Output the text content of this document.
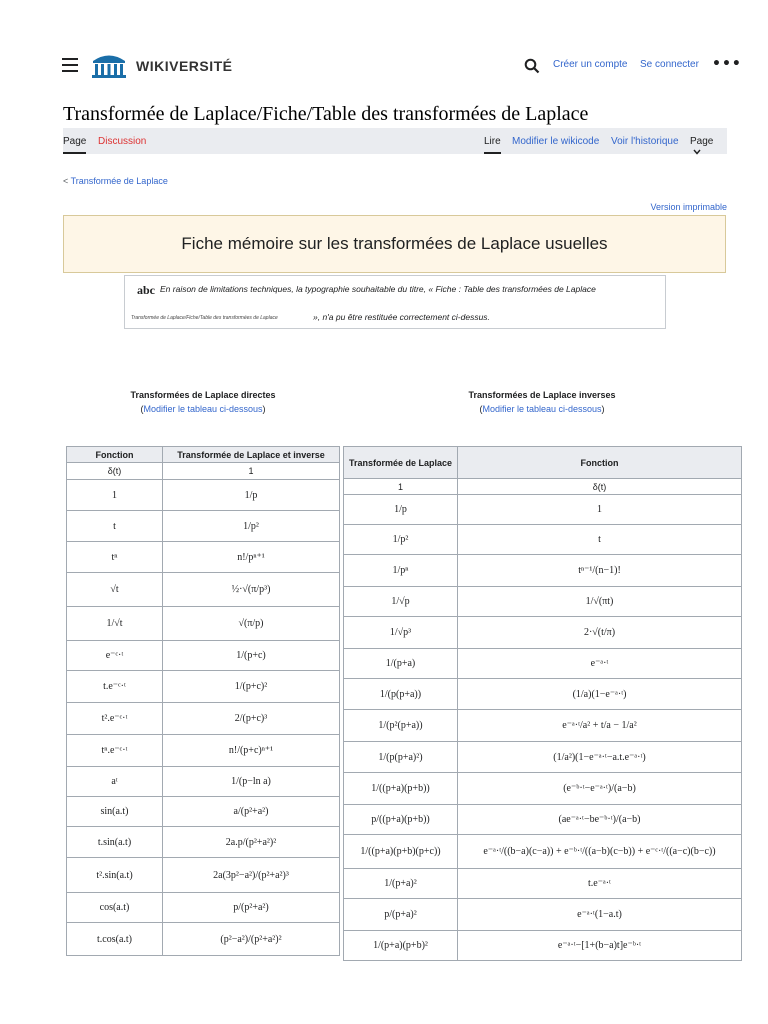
WIKIVERSITÉ	Créer un compte Se connecter •••
Transformée de Laplace/Fiche/Table des transformées de Laplace
Page Discussion	Lire Modifier le wikicode Voir l'historique Page
< Transformée de Laplace
Version imprimable
Fiche mémoire sur les transformées de Laplace usuelles
abc En raison de limitations techniques, la typographie souhaitable du titre, « Fiche : Table des transformées de Laplace
Transformée de Laplace/Fiche/Table des transformées de Laplace	», n'a pu être restituée correctement ci-dessus.
Transformées de Laplace directes
(Modifier le tableau ci-dessous)
Transformées de Laplace inverses
(Modifier le tableau ci-dessous)
Fonction	Transformée de Laplace et inverse
δ(t)	1
1	1/p
t	1/p²
tⁿ	n!/pⁿ⁺¹
√t	½·√(π/p³)
1/√t	√(π/p)
e⁻ᶜ·ᵗ	1/(p+c)
t.e⁻ᶜ·ᵗ	1/(p+c)²
t².e⁻ᶜ·ᵗ	2/(p+c)³
tⁿ.e⁻ᶜ·ᵗ	n!/(p+c)ⁿ⁺¹
aᵗ	1/(p−ln a)
sin(a.t)	a/(p²+a²)
t.sin(a.t)	2a.p/(p²+a²)²
t².sin(a.t)	2a(3p²−a²)/(p²+a²)³
cos(a.t)	p/(p²+a²)
t.cos(a.t)	(p²−a²)/(p²+a²)²
Transformée de Laplace	Fonction
1	δ(t)
1/p	1
1/p²	t
1/pⁿ	tⁿ⁻¹/(n−1)!
1/√p	1/√(πt)
1/√p³	2·√(t/π)
1/(p+a)	e⁻ᵃ·ᵗ
1/(p(p+a))	(1/a)(1−e⁻ᵃ·ᵗ)
1/(p²(p+a))	e⁻ᵃ·ᵗ/a² + t/a − 1/a²
1/(p(p+a)²)	(1/a²)(1−e⁻ᵃ·ᵗ−a.t.e⁻ᵃ·ᵗ)
1/((p+a)(p+b))	(e⁻ᵇ·ᵗ−e⁻ᵃ·ᵗ)/(a−b)
p/((p+a)(p+b))	(ae⁻ᵃ·ᵗ−be⁻ᵇ·ᵗ)/(a−b)
1/((p+a)(p+b)(p+c))	e⁻ᵃ·ᵗ/((b−a)(c−a)) + e⁻ᵇ·ᵗ/((a−b)(c−b)) + e⁻ᶜ·ᵗ/((a−c)(b−c))
1/(p+a)²	t.e⁻ᵃ·ᵗ
p/(p+a)²	e⁻ᵃ·ᵗ(1−a.t)
1/(p+a)(p+b)²	e⁻ᵃ·ᵗ−[1+(b−a)t]e⁻ᵇ·ᵗ
